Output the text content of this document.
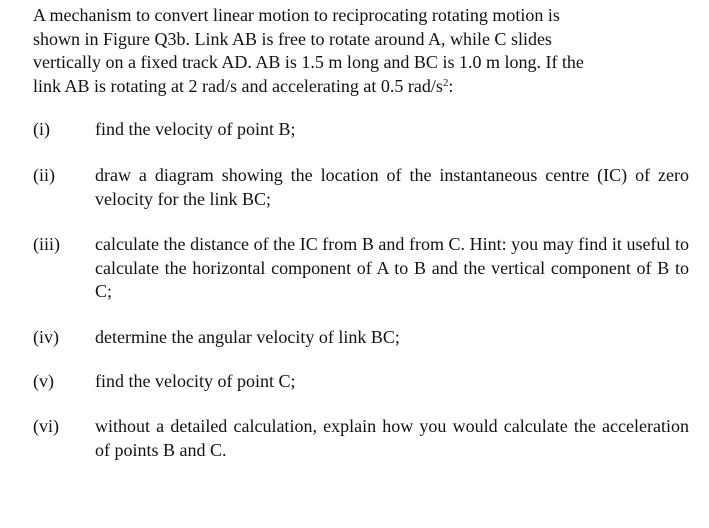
A mechanism to convert linear motion to reciprocating rotating motion is
shown in Figure Q3b. Link AB is free to rotate around A, while C slides
vertically on a fixed track AD. AB is 1.5 m long and BC is 1.0 m long. If the
link AB is rotating at 2 rad/s and accelerating at 0.5 rad/$s^2$:
(i)	find the velocity of point B;
(ii)	draw a diagram showing the location of the instantaneous centre (IC) of zero velocity for the link BC;
(iii)	calculate the distance of the IC from B and from C. Hint: you may find it useful to calculate the horizontal component of A to B and the vertical component of B to C;
(iv)	determine the angular velocity of link BC;
(v)	find the velocity of point C;
(vi)	without a detailed calculation, explain how you would calculate the acceleration of points B and C.
